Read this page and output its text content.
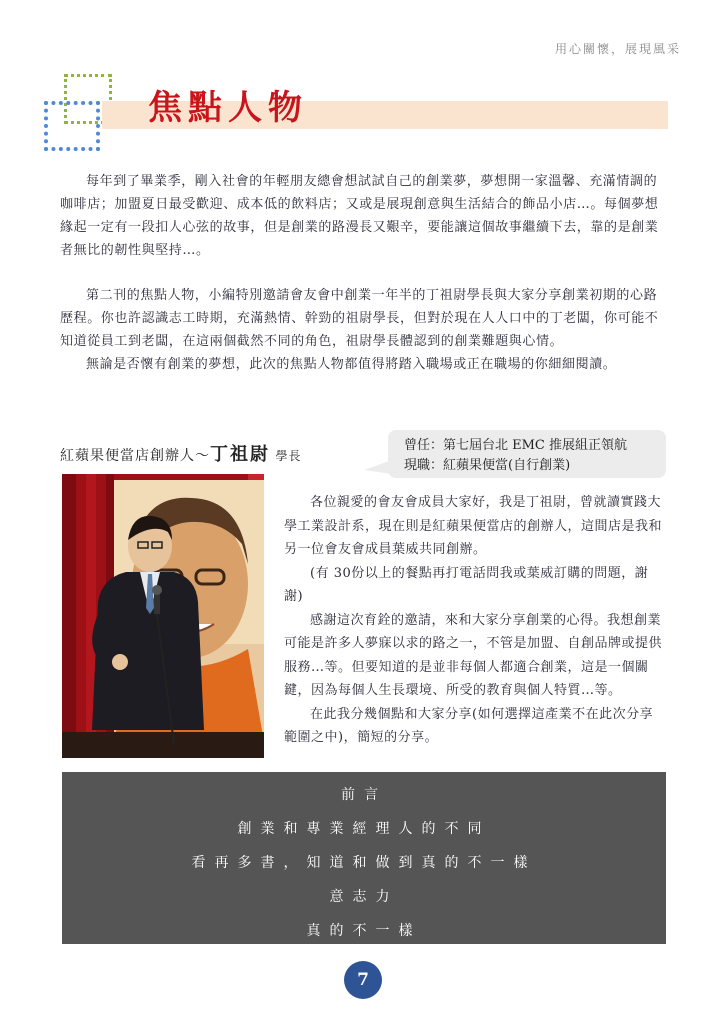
用心關懷，展現風采
焦點人物

每年到了畢業季，剛入社會的年輕朋友總會想試試自己的創業夢，夢想開一家溫馨、充滿情調的咖啡店；加盟夏日最受歡迎、成本低的飲料店；又或是展現創意與生活結合的飾品小店…。每個夢想緣起一定有一段扣人心弦的故事，但是創業的路漫長又艱辛，要能讓這個故事繼續下去，靠的是創業者無比的韌性與堅持…。

第二刊的焦點人物，小編特別邀請會友會中創業一年半的丁祖尉學長與大家分享創業初期的心路歷程。你也許認識志工時期，充滿熱情、幹勁的祖尉學長，但對於現在人人口中的丁老闆，你可能不知道從員工到老闆，在這兩個截然不同的角色，祖尉學長體認到的創業難題與心情。

無論是否懷有創業的夢想，此次的焦點人物都值得將踏入職場或正在職場的你細細閱讀。

紅蘋果便當店創辦人～丁祖尉 學長
曾任：第七屆台北 EMC 推展組正領航
現職：紅蘋果便當(自行創業)

各位親愛的會友會成員大家好，我是丁祖尉，曾就讀實踐大學工業設計系，現在則是紅蘋果便當店的創辦人，這間店是我和另一位會友會成員葉威共同創辦。

(有 30份以上的餐點再打電話問我或葉威訂購的問題，謝謝)

感謝這次育銓的邀請，來和大家分享創業的心得。我想創業可能是許多人夢寐以求的路之一，不管是加盟、自創品牌或提供服務…等。但要知道的是並非每個人都適合創業，這是一個關鍵，因為每個人生長環境、所受的教育與個人特質…等。

在此我分幾個點和大家分享(如何選擇這產業不在此次分享範圍之中)，簡短的分享。

前言
創業和專業經理人的不同
看再多書，知道和做到真的不一樣
意志力
真的不一樣
7
